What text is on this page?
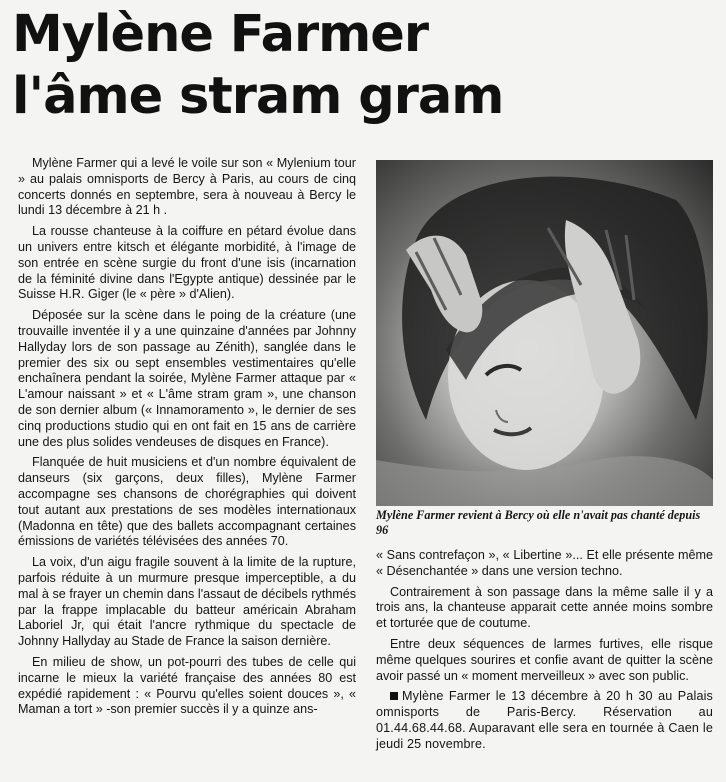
Mylène Farmer
l'âme stram gram

Mylène Farmer qui a levé le voile sur son « Mylenium tour » au palais omnisports de Bercy à Paris, au cours de cinq concerts donnés en septembre, sera à nouveau à Bercy le lundi 13 décembre à 21 h .

La rousse chanteuse à la coiffure en pétard évolue dans un univers entre kitsch et élégante morbidité, à l'image de son entrée en scène surgie du front d'une isis (incarnation de la féminité divine dans l'Egypte antique) dessinée par le Suisse H.R. Giger (le « père » d'Alien).

Déposée sur la scène dans le poing de la créature (une trouvaille inventée il y a une quinzaine d'années par Johnny Hallyday lors de son passage au Zénith), sanglée dans le premier des six ou sept ensembles vestimentaires qu'elle enchaînera pendant la soirée, Mylène Farmer attaque par « L'amour naissant » et « L'âme stram gram », une chanson de son dernier album (« Innamoramento », le dernier de ses cinq productions studio qui en ont fait en 15 ans de carrière une des plus solides vendeuses de disques en France).

Flanquée de huit musiciens et d'un nombre équivalent de danseurs (six garçons, deux filles), Mylène Farmer accompagne ses chansons de chorégraphies qui doivent tout autant aux prestations de ses modèles internationaux (Madonna en tête) que des ballets accompagnant certaines émissions de variétés télévisées des années 70.

La voix, d'un aigu fragile souvent à la limite de la rupture, parfois réduite à un murmure presque imperceptible, a du mal à se frayer un chemin dans l'assaut de décibels rythmés par la frappe implacable du batteur américain Abraham Laboriel Jr, qui était l'ancre rythmique du spectacle de Johnny Hallyday au Stade de France la saison dernière.

En milieu de show, un pot-pourri des tubes de celle qui incarne le mieux la variété française des années 80 est expédié rapidement : « Pourvu qu'elles soient douces », « Maman a tort » -son premier succès il y a quinze ans-

Mylène Farmer revient à Bercy où elle n'avait pas chanté depuis 96

« Sans contrefaçon », « Libertine »... Et elle présente même « Désenchantée » dans une version techno.

Contrairement à son passage dans la même salle il y a trois ans, la chanteuse apparait cette année moins sombre et torturée que de coutume.

Entre deux séquences de larmes furtives, elle risque même quelques sourires et confie avant de quitter la scène avoir passé un « moment merveilleux » avec son public.

Mylène Farmer le 13 décembre à 20 h 30 au Palais omnisports de Paris-Bercy. Réservation au 01.44.68.44.68. Auparavant elle sera en tournée à Caen le jeudi 25 novembre.
